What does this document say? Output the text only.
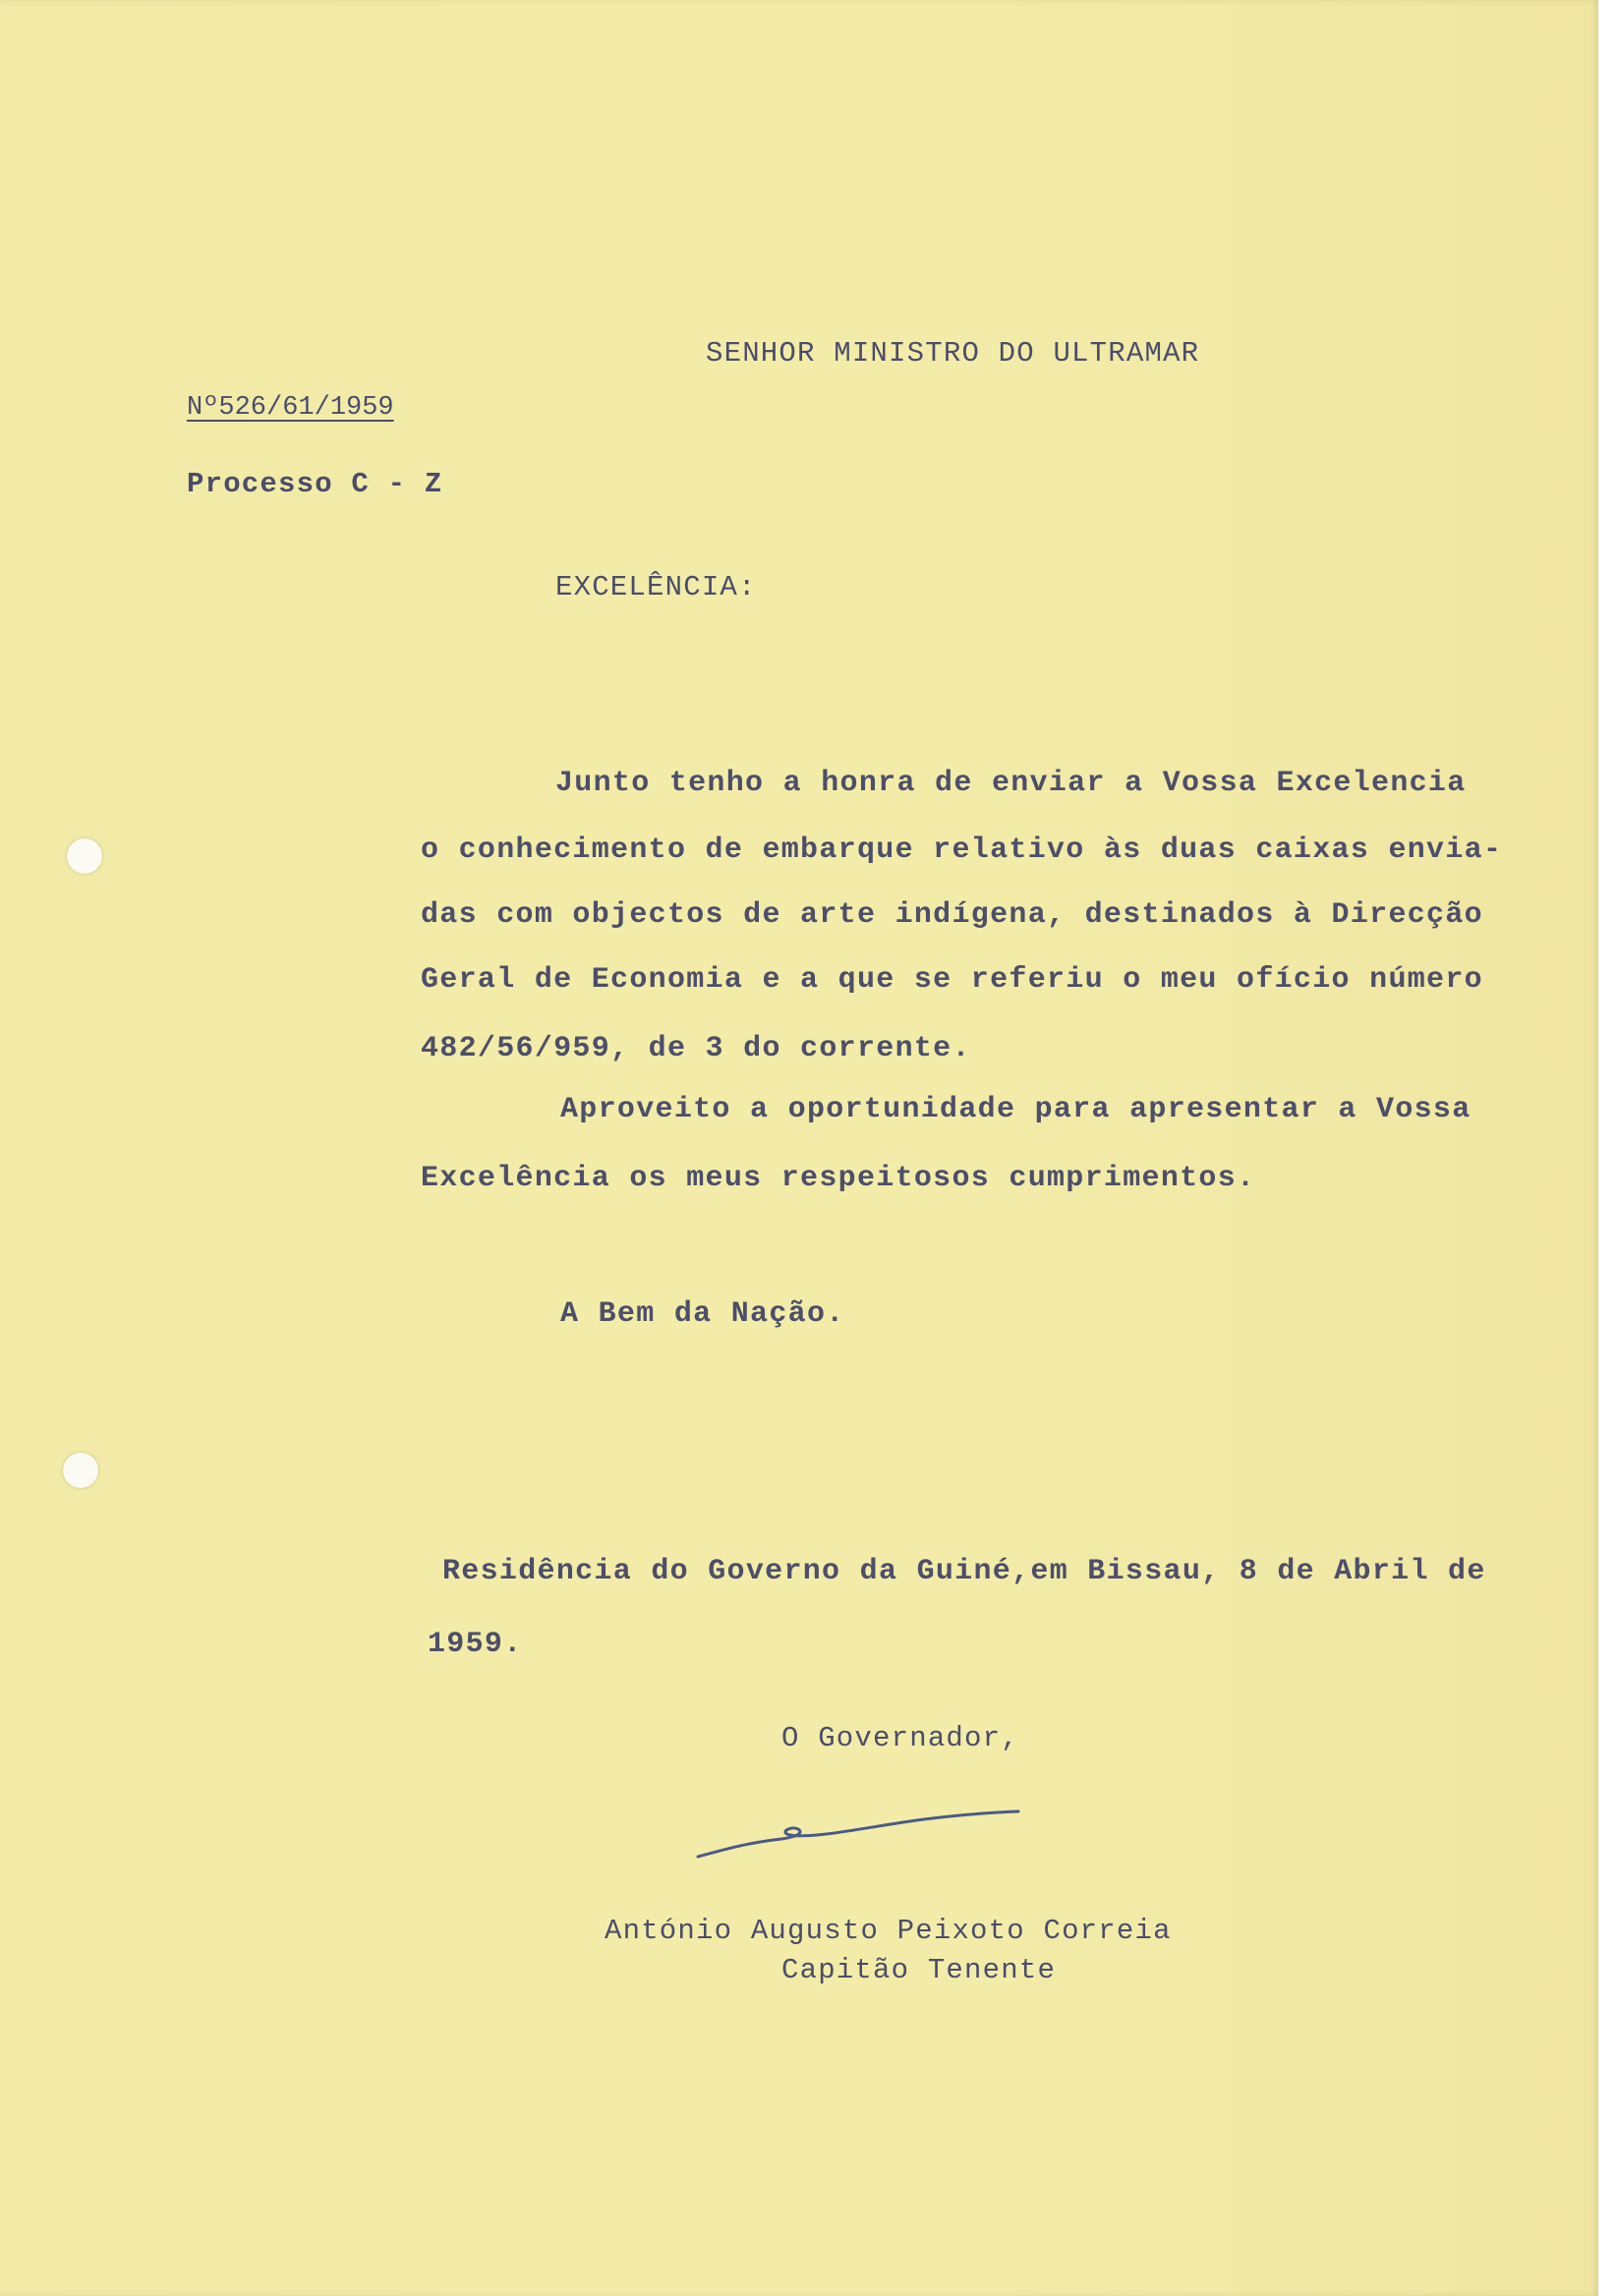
SENHOR MINISTRO DO ULTRAMAR
Nº526/61/1959
Processo C - Z
EXCELÊNCIA:
Junto tenho a honra de enviar a Vossa Excelencia
o conhecimento de embarque relativo às duas caixas envia-
das com objectos de arte indígena, destinados à Direcção
Geral de Economia e a que se referiu o meu ofício número
482/56/959, de 3 do corrente.
Aproveito a oportunidade para apresentar a Vossa
Excelência os meus respeitosos cumprimentos.
A Bem da Nação.
Residência do Governo da Guiné,em Bissau, 8 de Abril de
1959.
O Governador,
António Augusto Peixoto Correia
Capitão Tenente
